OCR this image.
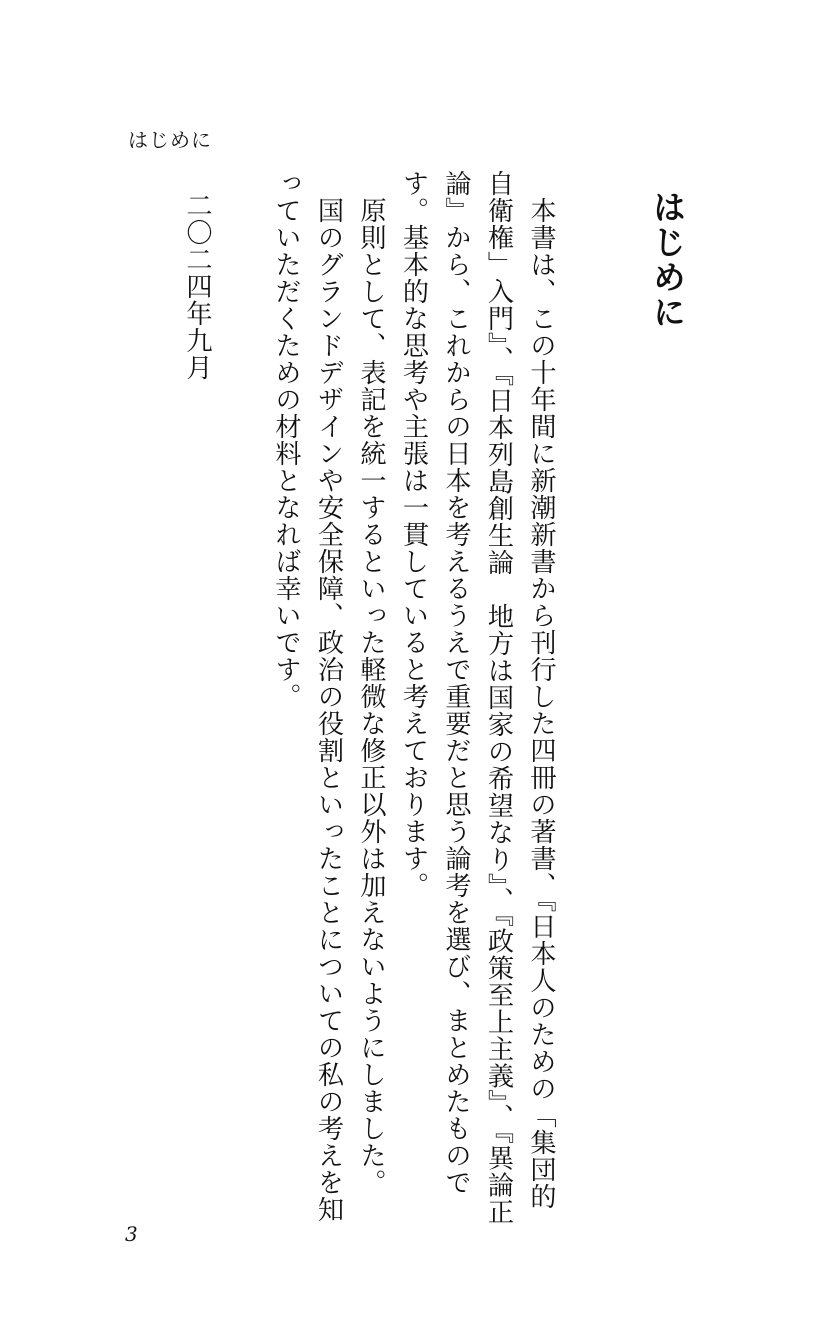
はじめに
はじめに

　本書は、この十年間に新潮新書から刊行した四冊の著書、『日本人のための「集団的自衛権」入門』、『日本列島創生論　地方は国家の希望なり』、『政策至上主義』、『異論正論』から、これからの日本を考えるうえで重要だと思う論考を選び、まとめたものです。基本的な思考や主張は一貫していると考えております。

　原則として、表記を統一するといった軽微な修正以外は加えないようにしました。

　国のグランドデザインや安全保障、政治の役割といったことについての私の考えを知っていただくための材料となれば幸いです。

二〇二四年九月
3
